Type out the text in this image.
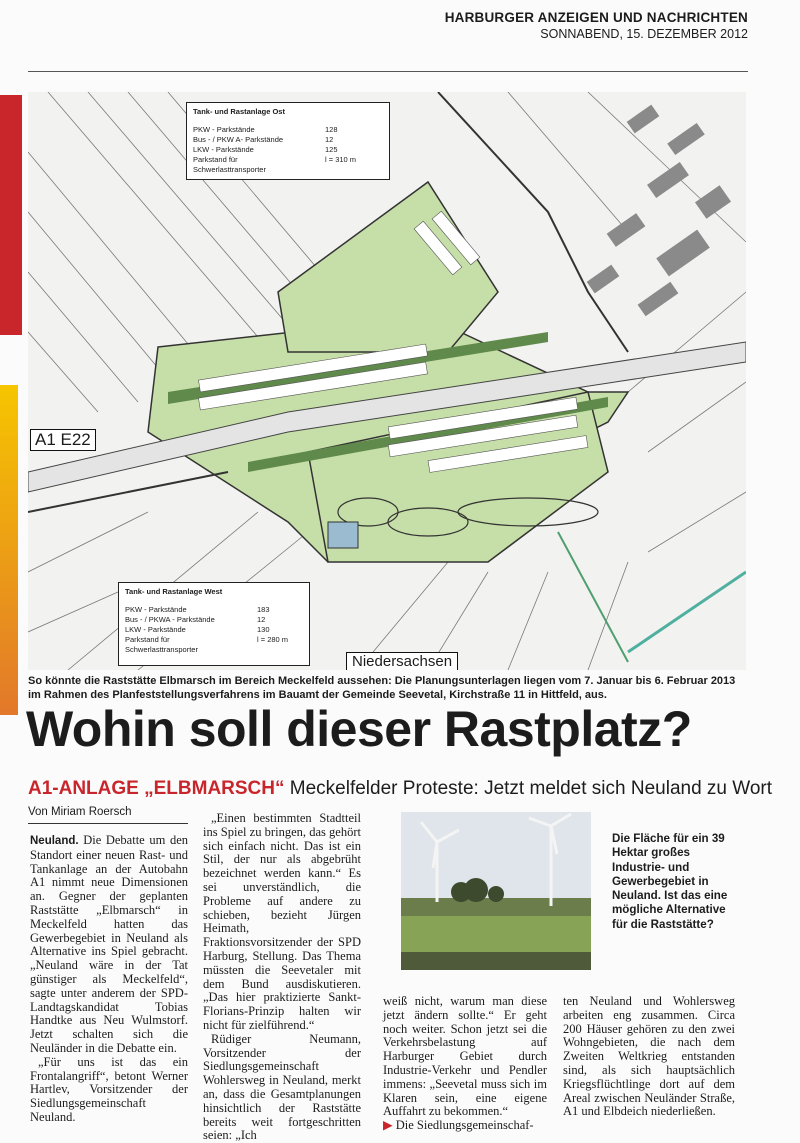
HARBURGER ANZEIGEN UND NACHRICHTEN
SONNABEND, 15. DEZEMBER 2012
Tank- und Rastanlage Ost
PKW - Parkstände	128
Bus - / PKW A- Parkstände	12
LKW - Parkstände	125
Parkstand für Schwerlasttransporter
l = 310 m
Tank- und Rastanlage West
PKW - Parkstände	183
Bus - / PKWA - Parkstände	12
LKW - Parkstände	130
Parkstand für Schwerlasttransporter
l = 280 m
A1 E22
Niedersachsen
So könnte die Raststätte Elbmarsch im Bereich Meckelfeld aussehen: Die Planungsunterlagen liegen vom 7. Januar bis 6. Februar 2013 im Rahmen des Planfeststellungsverfahrens im Bauamt der Gemeinde Seevetal, Kirchstraße 11 in Hittfeld, aus.
Wohin soll dieser Rastplatz?
A1-ANLAGE „ELBMARSCH“ Meckelfelder Proteste: Jetzt meldet sich Neuland zu Wort
Von Miriam Roersch

Neuland. Die Debatte um den Standort einer neuen Rast- und Tankanlage an der Autobahn A1 nimmt neue Dimensionen an. Gegner der geplanten Raststätte „Elbmarsch“ in Meckelfeld hatten das Gewerbegebiet in Neuland als Alternative ins Spiel gebracht. „Neuland wäre in der Tat günstiger als Meckelfeld“, sagte unter anderem der SPD-Landtagskandidat Tobias Handtke aus Neu Wulmstorf. Jetzt schalten sich die Neuländer in die Debatte ein.

„Für uns ist das ein Frontalangriff“, betont Werner Hartlev, Vorsitzender der Siedlungsgemeinschaft Neuland.

„Einen bestimmten Stadtteil ins Spiel zu bringen, das gehört sich einfach nicht. Das ist ein Stil, der nur als abgebrüht bezeichnet werden kann.“ Es sei unverständlich, die Probleme auf andere zu schieben, bezieht Jürgen Heimath, Fraktionsvorsitzender der SPD Harburg, Stellung. Das Thema müssten die Seevetaler mit dem Bund ausdiskutieren. „Das hier praktizierte Sankt-Florians-Prinzip halten wir nicht für zielführend.“

Rüdiger Neumann, Vorsitzender der Siedlungsgemeinschaft Wohlersweg in Neuland, merkt an, dass die Gesamtplanungen hinsichtlich der Raststätte bereits weit fortgeschritten seien: „Ich

Die Fläche für ein 39 Hektar großes Industrie- und Gewerbegebiet in Neuland. Ist das eine mögliche Alternative für die Raststätte?

weiß nicht, warum man diese jetzt ändern sollte.“ Er geht noch weiter. Schon jetzt sei die Verkehrsbelastung auf Harburger Gebiet durch Industrie-Verkehr und Pendler immens: „Seevetal muss sich im Klaren sein, eine eigene Auffahrt zu bekommen.“

▶ Die Siedlungsgemeinschaf-

ten Neuland und Wohlersweg arbeiten eng zusammen. Circa 200 Häuser gehören zu den zwei Wohngebieten, die nach dem Zweiten Weltkrieg entstanden sind, als sich hauptsächlich Kriegsflüchtlinge dort auf dem Areal zwischen Neuländer Straße, A1 und Elbdeich niederließen.
